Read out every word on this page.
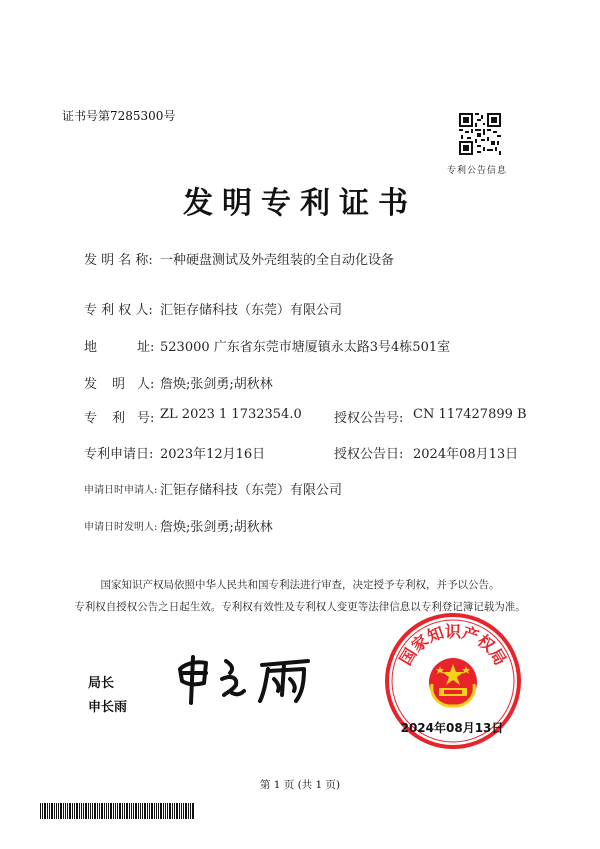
证书号第7285300号
专利公告信息
发明专利证书
发 明 名 称: 一种硬盘测试及外壳组装的全自动化设备
专 利 权 人: 汇钜存储科技（东莞）有限公司
地	址: 523000 广东省东莞市塘厦镇永太路3号4栋501室
发 明 人: 詹焕;张剑勇;胡秋林
专 利 号: ZL 2023 1 1732354.0 授权公告号: CN 117427899 B
专利申请日: 2023年12月16日	授权公告日: 2024年08月13日
申请日时申请人: 汇钜存储科技（东莞）有限公司
申请日时发明人: 詹焕;张剑勇;胡秋林
国家知识产权局依照中华人民共和国专利法进行审查，决定授予专利权，并予以公告。
专利权自授权公告之日起生效。专利权有效性及专利权人变更等法律信息以专利登记簿记载为准。
局长
申长雨
国家知识产权局
2024年08月13日
第 1 页 (共 1 页)
